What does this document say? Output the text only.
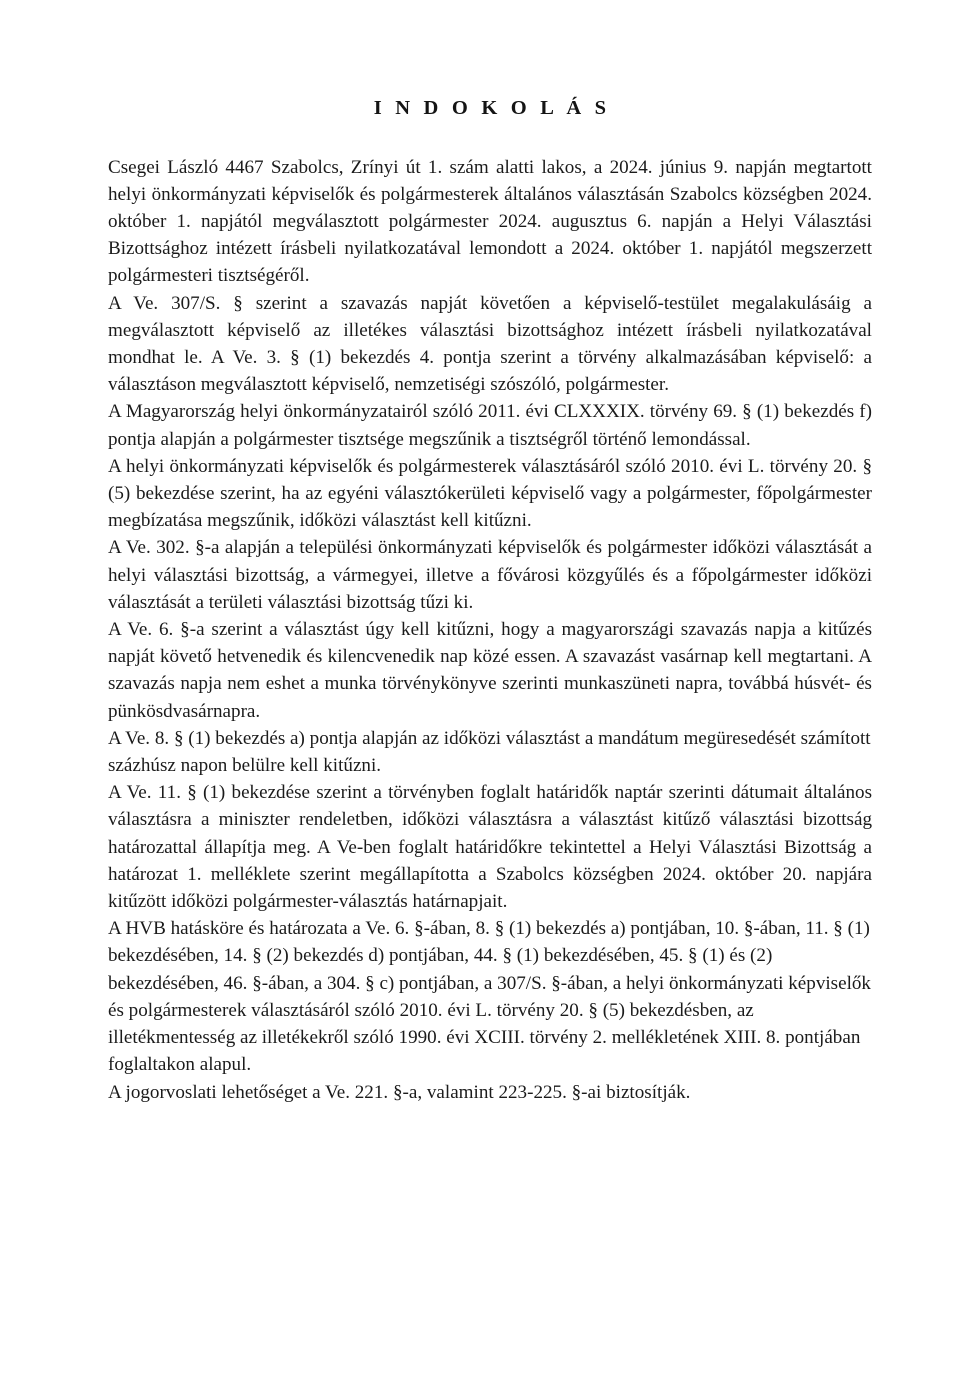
I N D O K O L Á S

Csegei László 4467 Szabolcs, Zrínyi út 1. szám alatti lakos, a 2024. június 9. napján megtartott helyi önkormányzati képviselők és polgármesterek általános választásán Szabolcs községben 2024. október 1. napjától megválasztott polgármester 2024. augusztus 6. napján a Helyi Választási Bizottsághoz intézett írásbeli nyilatkozatával lemondott a 2024. október 1. napjától megszerzett polgármesteri tisztségéről.

A Ve. 307/S. § szerint a szavazás napját követően a képviselő-testület megalakulásáig a megválasztott képviselő az illetékes választási bizottsághoz intézett írásbeli nyilatkozatával mondhat le. A Ve. 3. § (1) bekezdés 4. pontja szerint a törvény alkalmazásában képviselő: a választáson megválasztott képviselő, nemzetiségi szószóló, polgármester.

A Magyarország helyi önkormányzatairól szóló 2011. évi CLXXXIX. törvény 69. § (1) bekezdés f) pontja alapján a polgármester tisztsége megszűnik a tisztségről történő lemondással.

A helyi önkormányzati képviselők és polgármesterek választásáról szóló 2010. évi L. törvény 20. § (5) bekezdése szerint, ha az egyéni választókerületi képviselő vagy a polgármester, főpolgármester megbízatása megszűnik, időközi választást kell kitűzni.

A Ve. 302. §-a alapján a települési önkormányzati képviselők és polgármester időközi választását a helyi választási bizottság, a vármegyei, illetve a fővárosi közgyűlés és a főpolgármester időközi választását a területi választási bizottság tűzi ki.

A Ve. 6. §-a szerint a választást úgy kell kitűzni, hogy a magyarországi szavazás napja a kitűzés napját követő hetvenedik és kilencvenedik nap közé essen. A szavazást vasárnap kell megtartani. A szavazás napja nem eshet a munka törvénykönyve szerinti munkaszüneti napra, továbbá húsvét- és pünkösdvasárnapra.

A Ve. 8. § (1) bekezdés a) pontja alapján az időközi választást a mandátum megüresedését számított százhúsz napon belülre kell kitűzni.

A Ve. 11. § (1) bekezdése szerint a törvényben foglalt határidők naptár szerinti dátumait általános választásra a miniszter rendeletben, időközi választásra a választást kitűző választási bizottság határozattal állapítja meg. A Ve-ben foglalt határidőkre tekintettel a Helyi Választási Bizottság a határozat 1. melléklete szerint megállapította a Szabolcs községben 2024. október 20. napjára kitűzött időközi polgármester-választás határnapjait.

A HVB hatásköre és határozata a Ve. 6. §-ában, 8. § (1) bekezdés a) pontjában, 10. §-ában, 11. § (1) bekezdésében, 14. § (2) bekezdés d) pontjában, 44. § (1) bekezdésében, 45. § (1) és (2) bekezdésében, 46. §-ában, a 304. § c) pontjában, a 307/S. §-ában, a helyi önkormányzati képviselők és polgármesterek választásáról szóló 2010. évi L. törvény 20. § (5) bekezdésben, az illetékmentesség az illetékekről szóló 1990. évi XCIII. törvény 2. mellékletének XIII. 8. pontjában foglaltakon alapul.

A jogorvoslati lehetőséget a Ve. 221. §-a, valamint 223-225. §-ai biztosítják.
